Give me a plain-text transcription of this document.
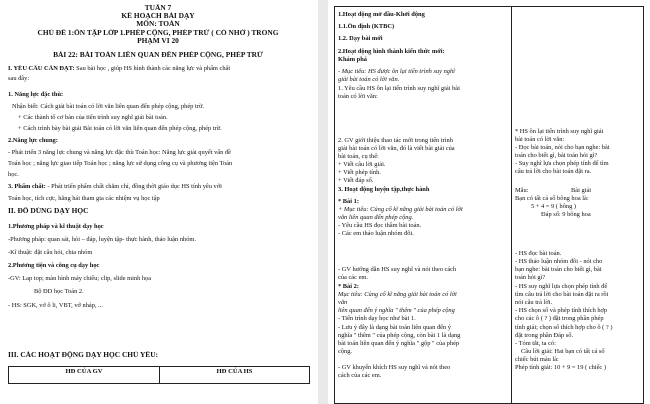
TUẦN 7
KẾ HOẠCH BÀI DẠY
MÔN: TOÁN
CHỦ ĐỀ 1:ÔN TẬP LỚP 1.PHÉP CỘNG, PHÉP TRỪ ( CÓ NHỚ ) TRONG
PHẠM VI 20
BÀI 22: BÀI TOÁN LIÊN QUAN ĐẾN PHÉP CỘNG, PHÉP TRỪ
I. YÊU CẦU CẦN ĐẠT: Sau bài học , giúp HS hình thành các năng lực và phẩm chất
sau đây:
1. Năng lực đặc thù:
Nhận biết: Cách giải bài toán có lời văn liên quan đến phép cộng, phép trừ.
+ Các thành tố cơ bản của tiến trình suy nghĩ giải bài toán.
+ Cách trình bày bài giải Bài toán có lời văn liên quan đến phép cộng, phép trừ.
2.Năng lực chung:
- Phát triển 3 năng lực chung và năng lực đặc thù Toán học: Năng lực giải quyết vấn đề
Toán học ; năng lực giao tiếp Toán học ; năng lực sử dụng công cụ và phương tiện Toán
học.
3. Phẩm chất: - Phát triển phẩm chất chăm chỉ, đồng thời giáo dục HS tính yêu với
Toán học, tích cực, hăng hái tham gia các nhiệm vụ học tập
II. ĐỒ DÙNG DẠY HỌC
1.Phương pháp và kĩ thuật dạy học
-Phương pháp: quan sát, hỏi – đáp, luyện tập- thực hành, thảo luận nhóm.
-Kĩ thuật: đặt câu hỏi, chia nhóm
2.Phương tiện và công cụ dạy học
-GV: Lap top; màn hình máy chiếu; clip, slide minh họa
Bộ ĐD học Toán 2.
- HS: SGK, vở ô li, VBT, vở nháp, ...
III. CÁC HOẠT ĐỘNG DẠY HỌC CHỦ YẾU:
HĐ CỦA GV	HĐ CỦA HS
1.Hoạt động mở đầu-Khởi động
1.1.Ổn định (KTBC)
1.2. Dạy bài mới
2.Hoạt động hình thành kiến thức mới:
Khám phá
- Mục tiêu: HS được ôn lại tiến trình suy nghĩ
giải bài toán có lời văn.
1. Yêu cầu HS ôn lại tiến trình suy nghĩ giải bài
toán có lời văn:
2. GV giới thiệu thao tác mới trong tiến trình
giải bài toán có lời văn, đó là viết bài giải của
bài toán, cụ thể:
+ Viết câu lời giải.
+ Viết phép tính.
+ Viết đáp số.
3. Hoạt động luyện tập,thực hành
* Bài 1:
+ Mục tiêu: Củng cố kĩ năng giải bài toán có lời
văn liên quan đến phép cộng.
- Yêu cầu HS đọc thầm bài toán.
- Các em thảo luận nhóm đôi.
- GV hướng dẫn HS suy nghĩ và nói theo cách
của các em.
* Bài 2:
Mục tiêu: Củng cố kĩ năng giải bài toán có lời
văn
liên quan đến ý nghĩa " thêm " của phép cộng
- Tiến trình dạy học như bài 1.
- Lưu ý đây là dạng bài toán liên quan đến ý
nghĩa " thêm " của phép cộng, còn bài 1 là dạng
bài toán liên quan đến ý nghĩa " gộp " của phép
cộng.
- GV khuyến khích HS suy nghĩ và nói theo
cách của các em.
* HS ôn lại tiến trình suy nghĩ giải
bài toán có lời văn:
- Đọc bài toán, nói cho bạn nghe: bài
toán cho biết gì, bài toán hỏi gì?
- Suy nghĩ lựa chọn phép tính để tìm
câu trả lời cho bài toán đặt ra.
Mẫu:	Bài giải
Bạn có tất cả số bông hoa là:
5 + 4 = 9 ( bông )
Đáp số: 9 bông hoa
- HS đọc bài toán.
- HS thảo luận nhóm đôi - nói cho
bạn nghe: bài toán cho biết gì, bài
toán hỏi gì?
- HS suy nghĩ lựa chọn phép tính để
tìm câu trả lời cho bài toán đặt ra rồi
nói câu trả lời.
- HS chọn số và phép tính thích hợp
cho các ô ( ? ) đặt trong phần phép
tính giải; chọn số thích hợp cho ô ( ? )
đặt trong phần Đáp số.
- Tóm tắt, ta có:
Câu lời giải: Hai bạn có tất cả số
chiếc bút màu là:
Phép tính giải: 10 + 9 = 19 ( chiếc )
